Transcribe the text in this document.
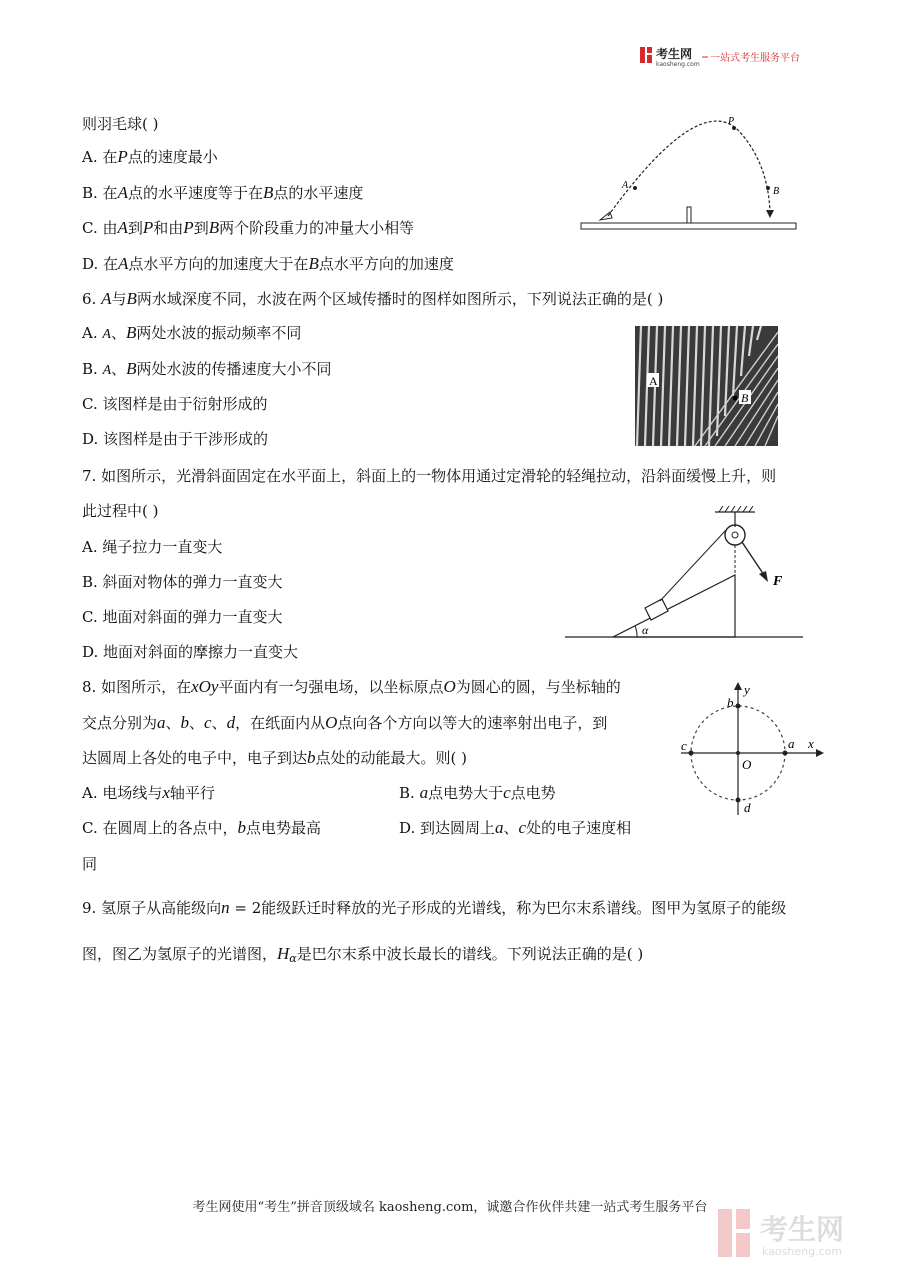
考生网
kaosheng.com
一站式考生服务平台
则羽毛球( )
A. 在P点的速度最小
B. 在A点的水平速度等于在B点的水平速度
C. 由A到P和由P到B两个阶段重力的冲量大小相等
D. 在A点水平方向的加速度大于在B点水平方向的加速度
A
P
B
6. A与B两水域深度不同，水波在两个区域传播时的图样如图所示，下列说法正确的是( )
A. A、B两处水波的振动频率不同
B. A、B两处水波的传播速度大小不同
C. 该图样是由于衍射形成的
D. 该图样是由于干涉形成的
A
B
7. 如图所示，光滑斜面固定在水平面上，斜面上的一物体用通过定滑轮的轻绳拉动，沿斜面缓慢上升，则
此过程中( )
A. 绳子拉力一直变大
B. 斜面对物体的弹力一直变大
C. 地面对斜面的弹力一直变大
D. 地面对斜面的摩擦力一直变大
F
α
8. 如图所示，在xOy平面内有一匀强电场，以坐标原点O为圆心的圆，与坐标轴的
交点分别为a、b、c、d，在纸面内从O点向各个方向以等大的速率射出电子，到
达圆周上各处的电子中，电子到达b点处的动能最大。则( )
A. 电场线与x轴平行	B. a点电势大于c点电势
C. 在圆周上的各点中，b点电势最高	D. 到达圆周上a、c处的电子速度相
同
y
x
O
a
b
c
d
9. 氢原子从高能级向n = 2能级跃迁时释放的光子形成的光谱线，称为巴尔末系谱线。图甲为氢原子的能级
图，图乙为氢原子的光谱图，$H_\alpha$是巴尔末系中波长最长的谱线。下列说法正确的是( )
考生网使用“考生”拼音顶级域名 kaosheng.com，诚邀合作伙伴共建一站式考生服务平台
考生网
kaosheng.com
